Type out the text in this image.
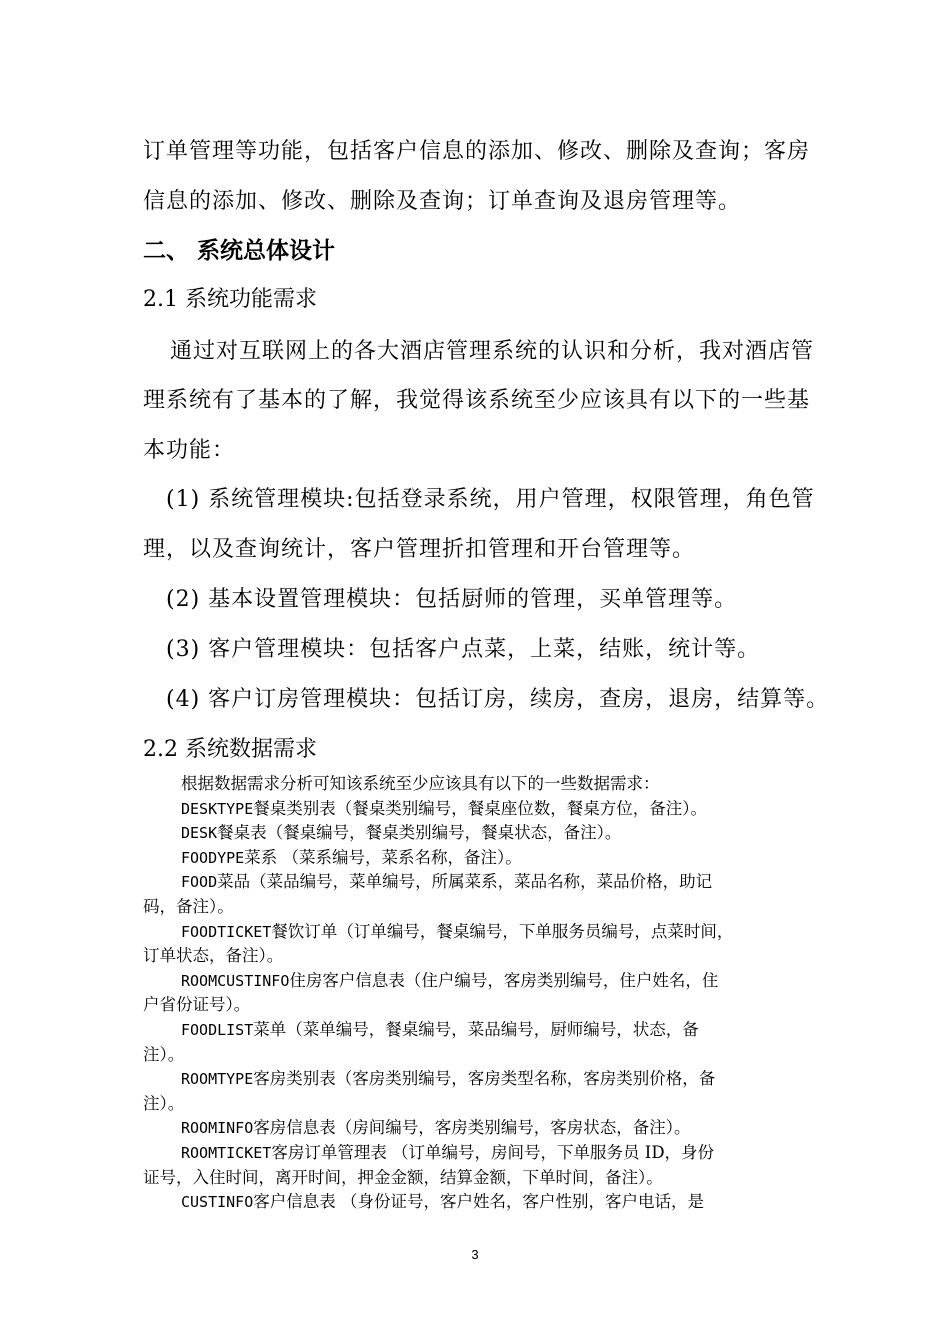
订单管理等功能，包括客户信息的添加、修改、删除及查询；客房
信息的添加、修改、删除及查询；订单查询及退房管理等。
二、 系统总体设计
2.1 系统功能需求
通过对互联网上的各大酒店管理系统的认识和分析，我对酒店管
理系统有了基本的了解，我觉得该系统至少应该具有以下的一些基
本功能：
(1) 系统管理模块:包括登录系统，用户管理，权限管理，角色管
理，以及查询统计，客户管理折扣管理和开台管理等。
(2) 基本设置管理模块：包括厨师的管理，买单管理等。
(3) 客户管理模块：包括客户点菜，上菜，结账，统计等。
(4) 客户订房管理模块：包括订房，续房，查房，退房，结算等。
2.2 系统数据需求
根据数据需求分析可知该系统至少应该具有以下的一些数据需求：
DESKTYPE餐桌类别表（餐桌类别编号，餐桌座位数，餐桌方位，备注）。
DESK餐桌表（餐桌编号，餐桌类别编号，餐桌状态，备注）。
FOODYPE菜系 （菜系编号，菜系名称，备注）。
FOOD菜品（菜品编号，菜单编号，所属菜系，菜品名称，菜品价格，助记
码，备注）。
FOODTICKET餐饮订单（订单编号，餐桌编号，下单服务员编号，点菜时间，
订单状态，备注）。
ROOMCUSTINFO住房客户信息表（住户编号，客房类别编号，住户姓名，住
户省份证号）。
FOODLIST菜单（菜单编号，餐桌编号，菜品编号，厨师编号，状态，备
注）。
ROOMTYPE客房类别表（客房类别编号，客房类型名称，客房类别价格，备
注）。
ROOMINFO客房信息表（房间编号，客房类别编号，客房状态，备注）。
ROOMTICKET客房订单管理表 （订单编号，房间号，下单服务员 ID，身份
证号，入住时间，离开时间，押金金额，结算金额，下单时间，备注）。
CUSTINFO客户信息表 （身份证号，客户姓名，客户性别，客户电话，是
3
